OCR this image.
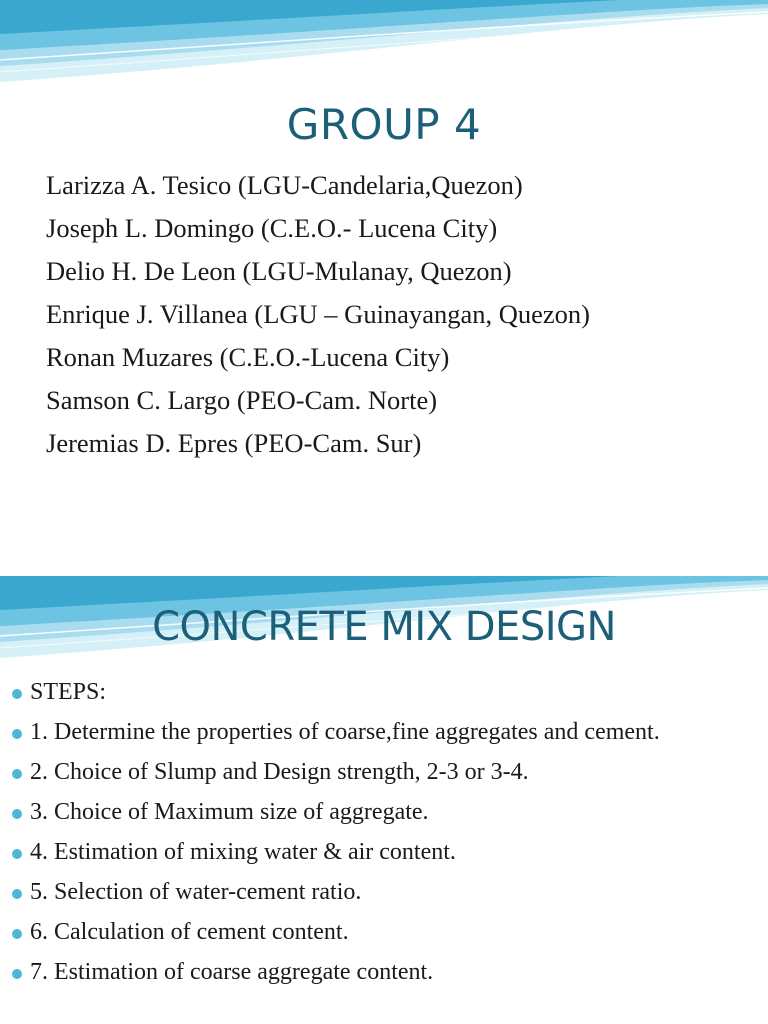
GROUP 4
Larizza A. Tesico (LGU-Candelaria,Quezon)
Joseph L. Domingo (C.E.O.- Lucena City)
Delio H. De Leon (LGU-Mulanay, Quezon)
Enrique J. Villanea (LGU – Guinayangan, Quezon)
Ronan Muzares (C.E.O.-Lucena City)
Samson C. Largo (PEO-Cam. Norte)
Jeremias D. Epres (PEO-Cam. Sur)
CONCRETE MIX DESIGN
STEPS:
1. Determine the properties of coarse,fine aggregates and cement.
2. Choice of Slump and Design strength, 2-3 or 3-4.
3. Choice of Maximum size of aggregate.
4. Estimation of mixing water & air content.
5. Selection of water-cement ratio.
6. Calculation of cement content.
7. Estimation of coarse aggregate content.
